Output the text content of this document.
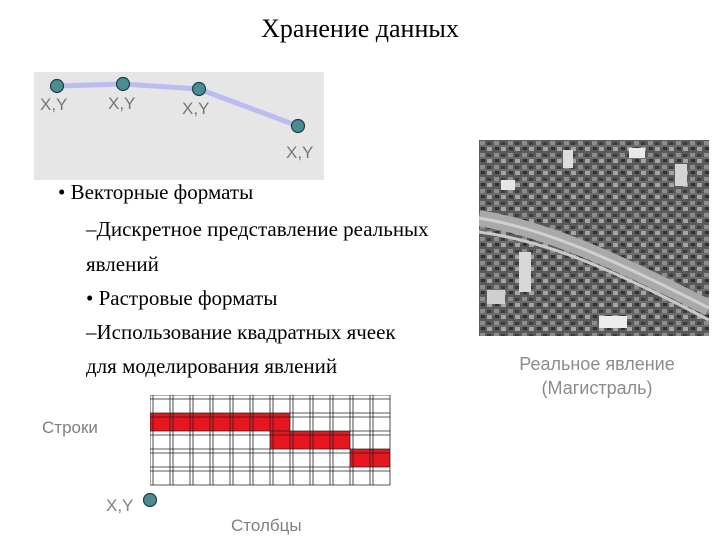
Хранение данных
X,Y X,Y	X,Y
X,Y
• Векторные форматы
–Дискретное представление реальных
явлений
• Растровые форматы
–Использование квадратных ячеек
для моделирования явлений	Реальное явление
(Магистраль)
Строки
X,Y
Столбцы
